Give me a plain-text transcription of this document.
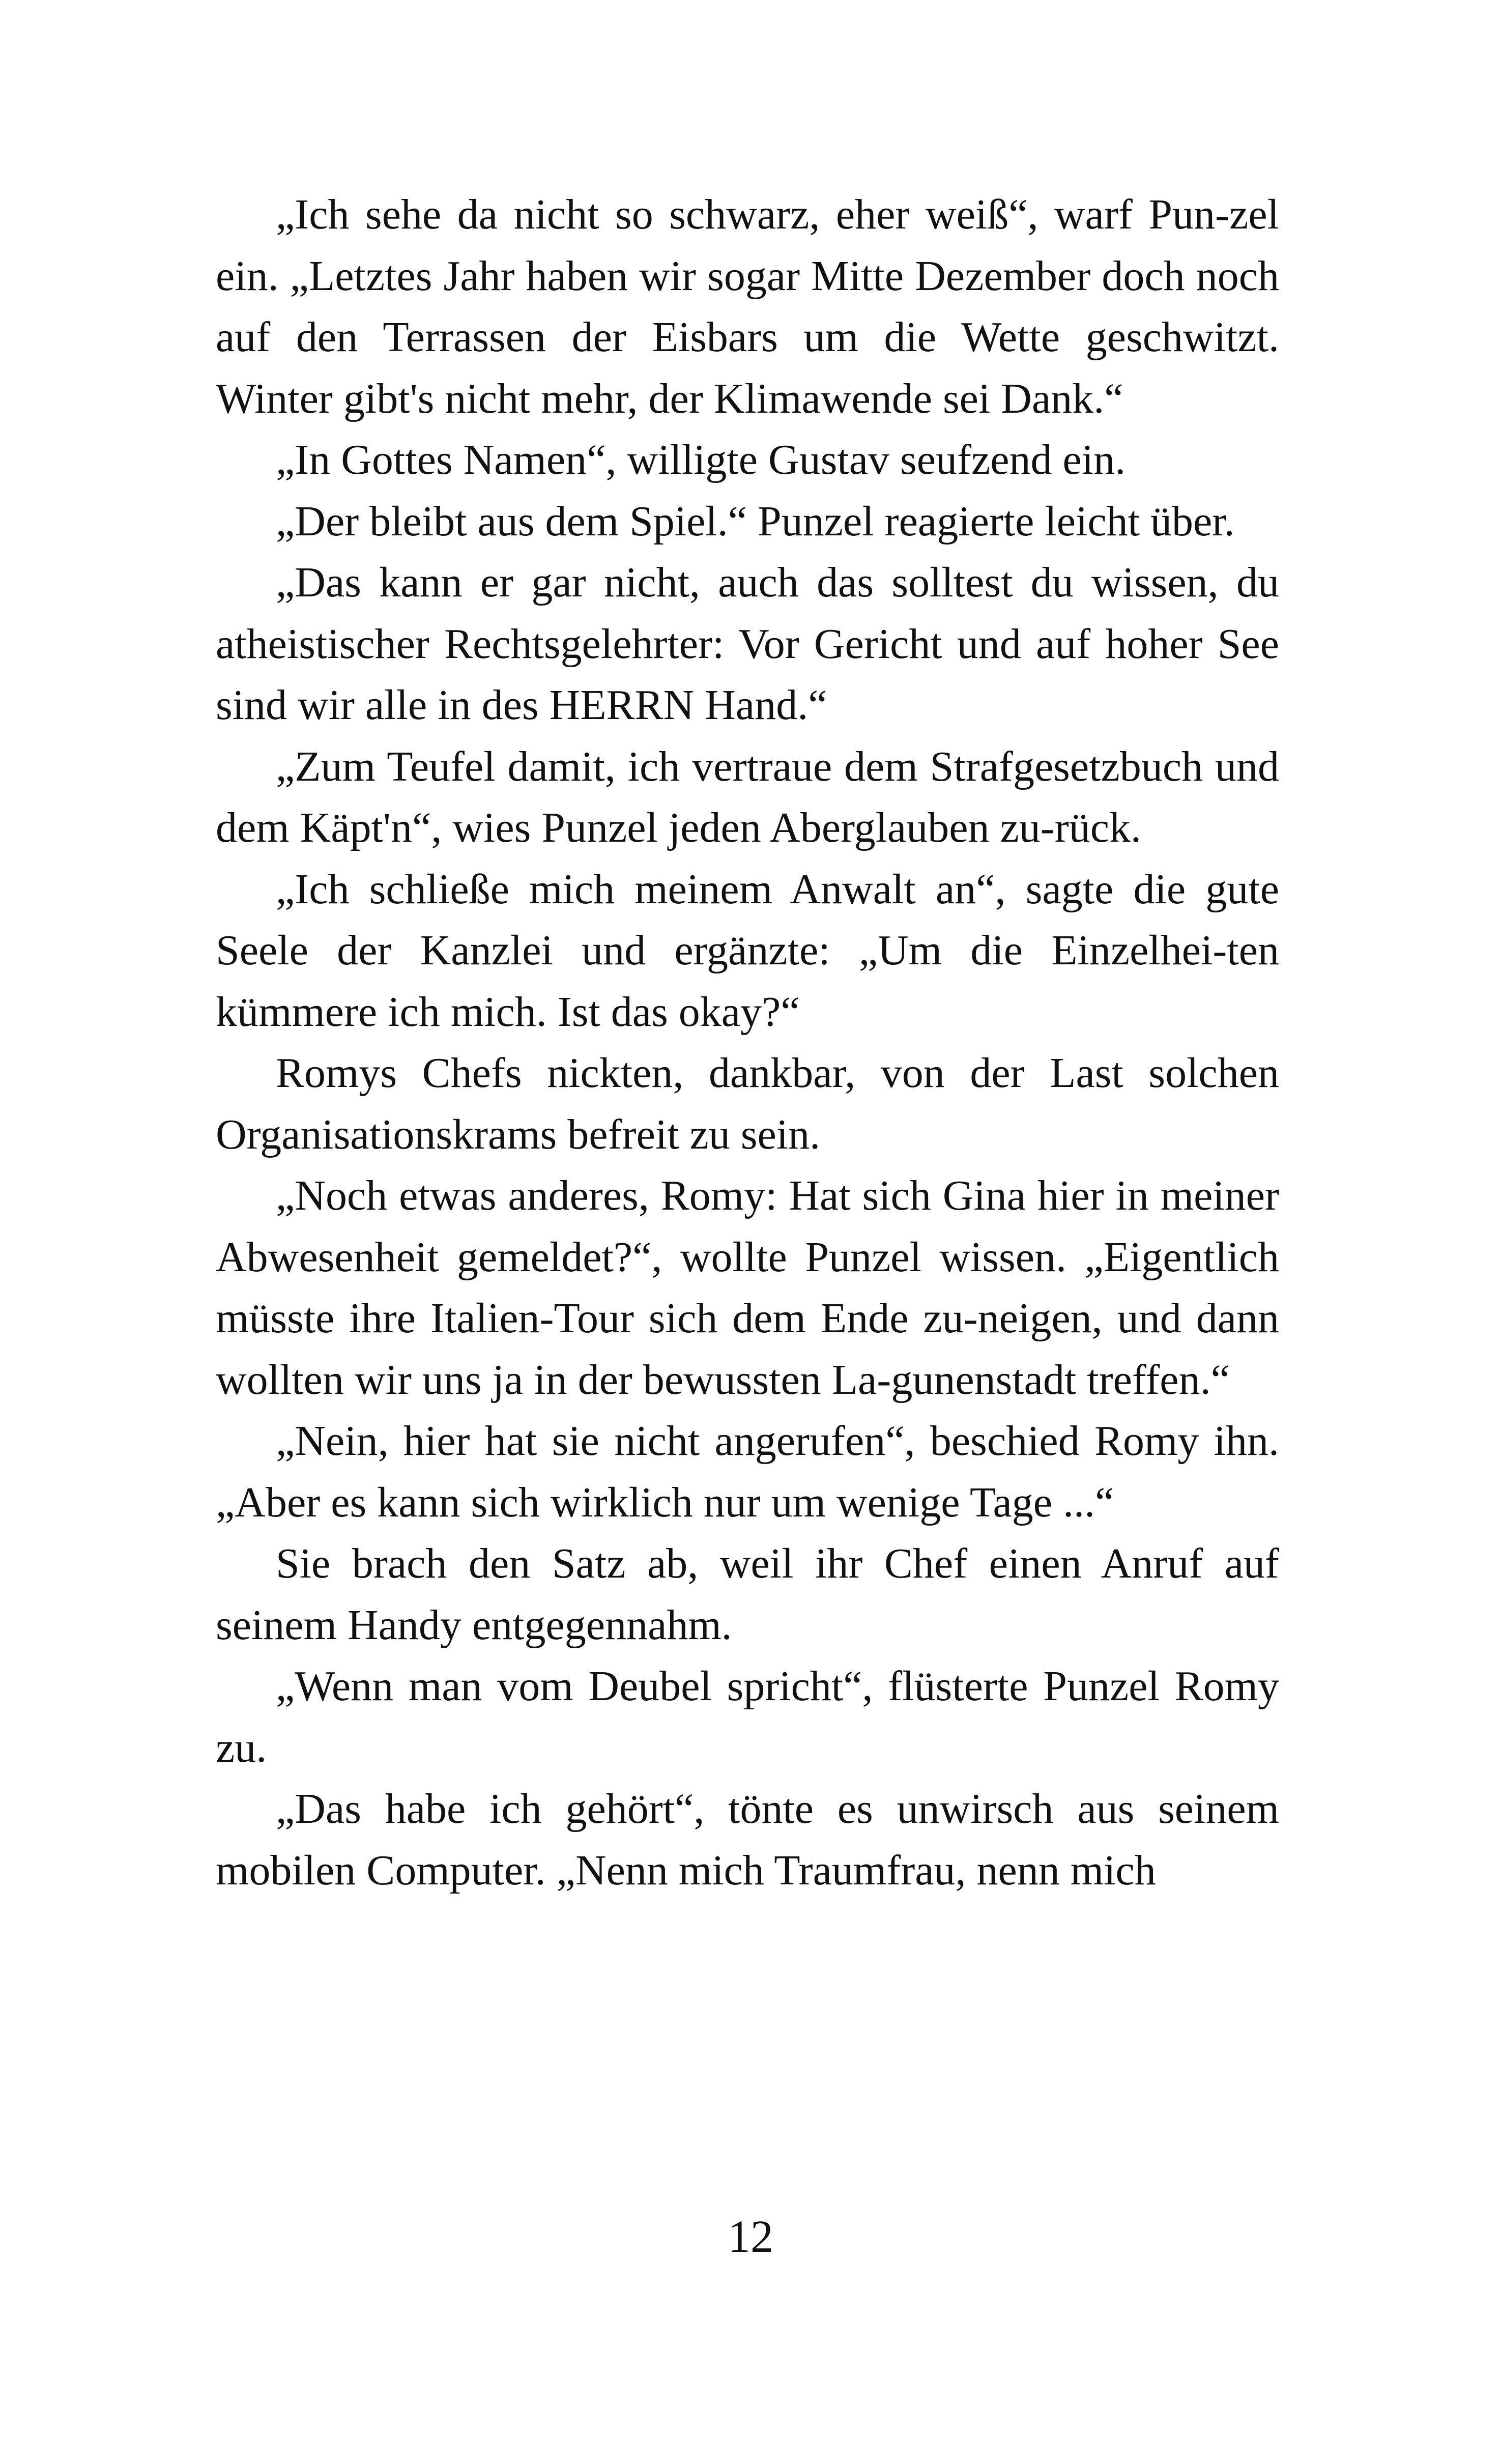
„Ich sehe da nicht so schwarz, eher weiß“, warf Pun-zel ein. „Letztes Jahr haben wir sogar Mitte Dezember doch noch auf den Terrassen der Eisbars um die Wette geschwitzt. Winter gibt's nicht mehr, der Klimawende sei Dank.“

„In Gottes Namen“, willigte Gustav seufzend ein.

„Der bleibt aus dem Spiel.“ Punzel reagierte leicht über.

„Das kann er gar nicht, auch das solltest du wissen, du atheistischer Rechtsgelehrter: Vor Gericht und auf hoher See sind wir alle in des HERRN Hand.“

„Zum Teufel damit, ich vertraue dem Strafgesetzbuch und dem Käpt'n“, wies Punzel jeden Aberglauben zu-rück.

„Ich schließe mich meinem Anwalt an“, sagte die gute Seele der Kanzlei und ergänzte: „Um die Einzelhei-ten kümmere ich mich. Ist das okay?“

Romys Chefs nickten, dankbar, von der Last solchen Organisationskrams befreit zu sein.

„Noch etwas anderes, Romy: Hat sich Gina hier in meiner Abwesenheit gemeldet?“, wollte Punzel wissen. „Eigentlich müsste ihre Italien-Tour sich dem Ende zu-neigen, und dann wollten wir uns ja in der bewussten La-gunenstadt treffen.“

„Nein, hier hat sie nicht angerufen“, beschied Romy ihn. „Aber es kann sich wirklich nur um wenige Tage ...“

Sie brach den Satz ab, weil ihr Chef einen Anruf auf seinem Handy entgegennahm.

„Wenn man vom Deubel spricht“, flüsterte Punzel Romy zu.

„Das habe ich gehört“, tönte es unwirsch aus seinem mobilen Computer. „Nenn mich Traumfrau, nenn mich

12
